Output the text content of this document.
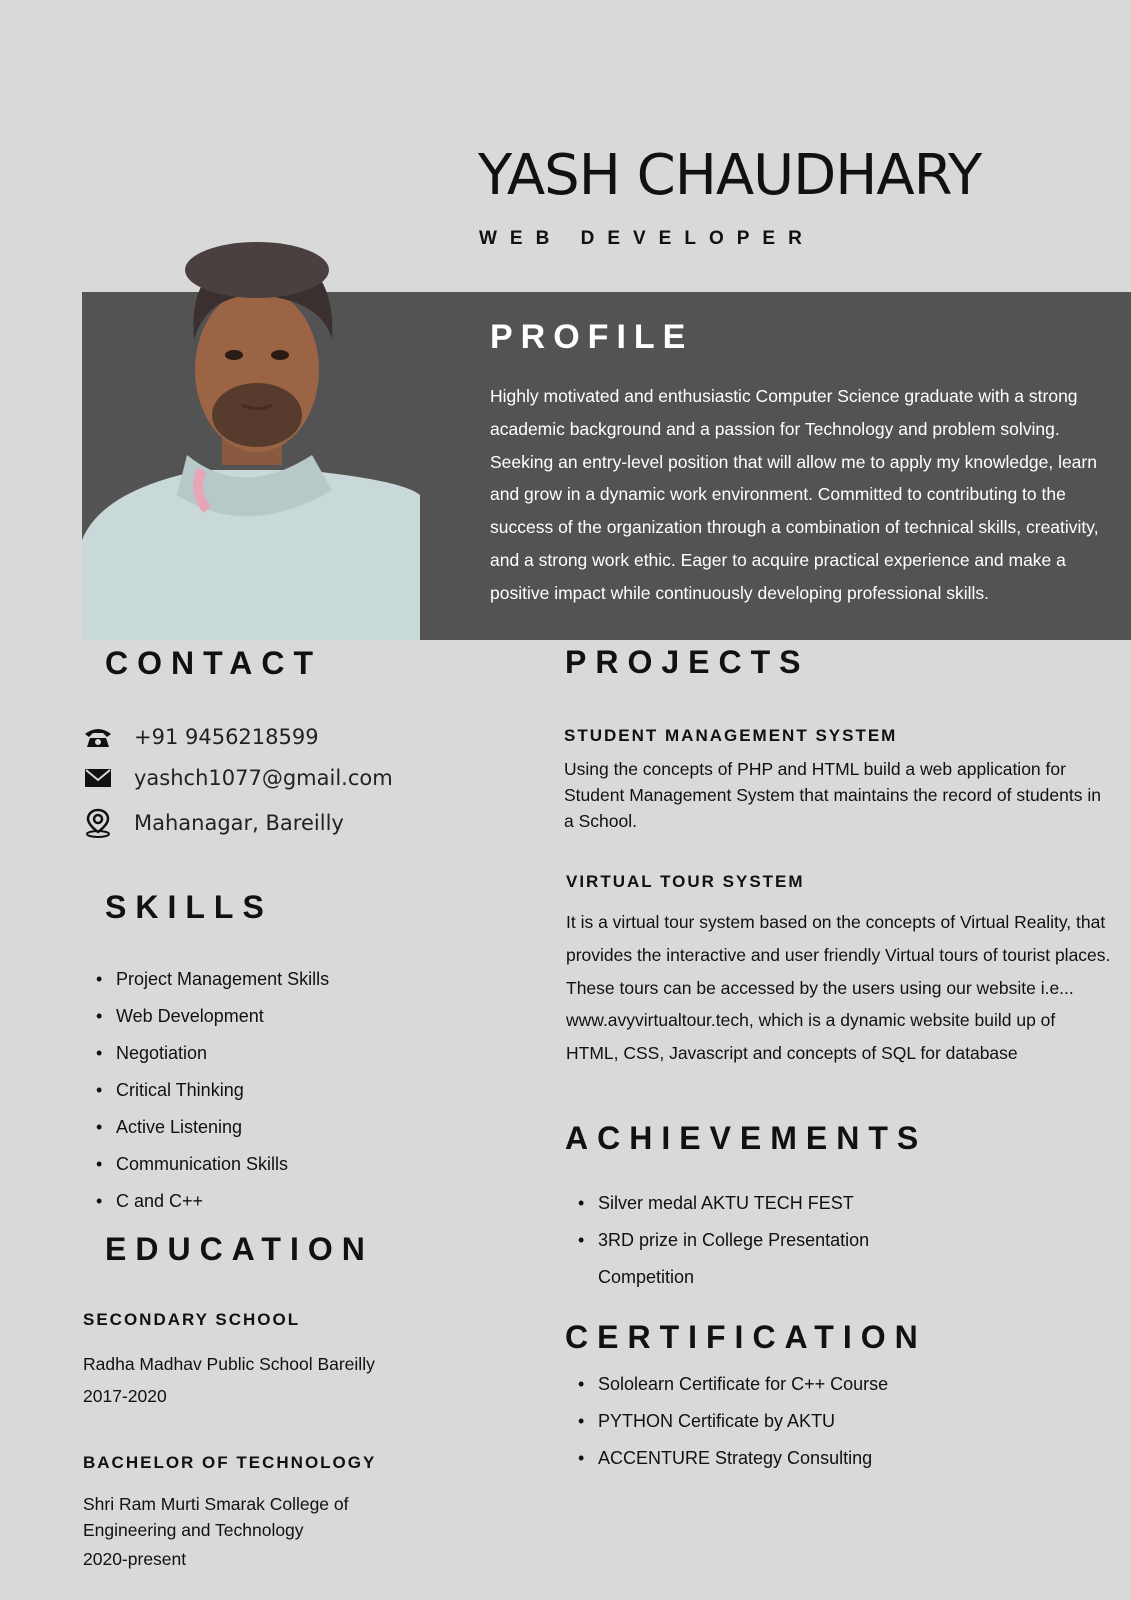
YASH CHAUDHARY
WEB DEVELOPER
PROFILE
Highly motivated and enthusiastic Computer Science graduate with a strong academic background and a passion for Technology and problem solving. Seeking an entry-level position that will allow me to apply my knowledge, learn and grow in a dynamic work environment. Committed to contributing to the success of the organization through a combination of technical skills, creativity, and a strong work ethic. Eager to acquire practical experience and make a positive impact while continuously developing professional skills.
CONTACT
+91 9456218599
yashch1077@gmail.com
Mahanagar, Bareilly
SKILLS
• Project Management Skills
• Web Development
• Negotiation
• Critical Thinking
• Active Listening
• Communication Skills
• C and C++
EDUCATION
SECONDARY SCHOOL
Radha Madhav Public School Bareilly
2017-2020
BACHELOR OF TECHNOLOGY
Shri Ram Murti Smarak College of Engineering and Technology
2020-present
PROJECTS
STUDENT MANAGEMENT SYSTEM
Using the concepts of PHP and HTML build a web application for Student Management System that maintains the record of students in a School.
VIRTUAL TOUR SYSTEM
It is a virtual tour system based on the concepts of Virtual Reality, that provides the interactive and user friendly Virtual tours of tourist places. These tours can be accessed by the users using our website i.e... www.avyvirtualtour.tech, which is a dynamic website build up of HTML, CSS, Javascript and concepts of SQL for database
ACHIEVEMENTS
• Silver medal AKTU TECH FEST
• 3RD prize in College Presentation Competition
CERTIFICATION
• Sololearn Certificate for C++ Course
• PYTHON Certificate by AKTU
• ACCENTURE Strategy Consulting
